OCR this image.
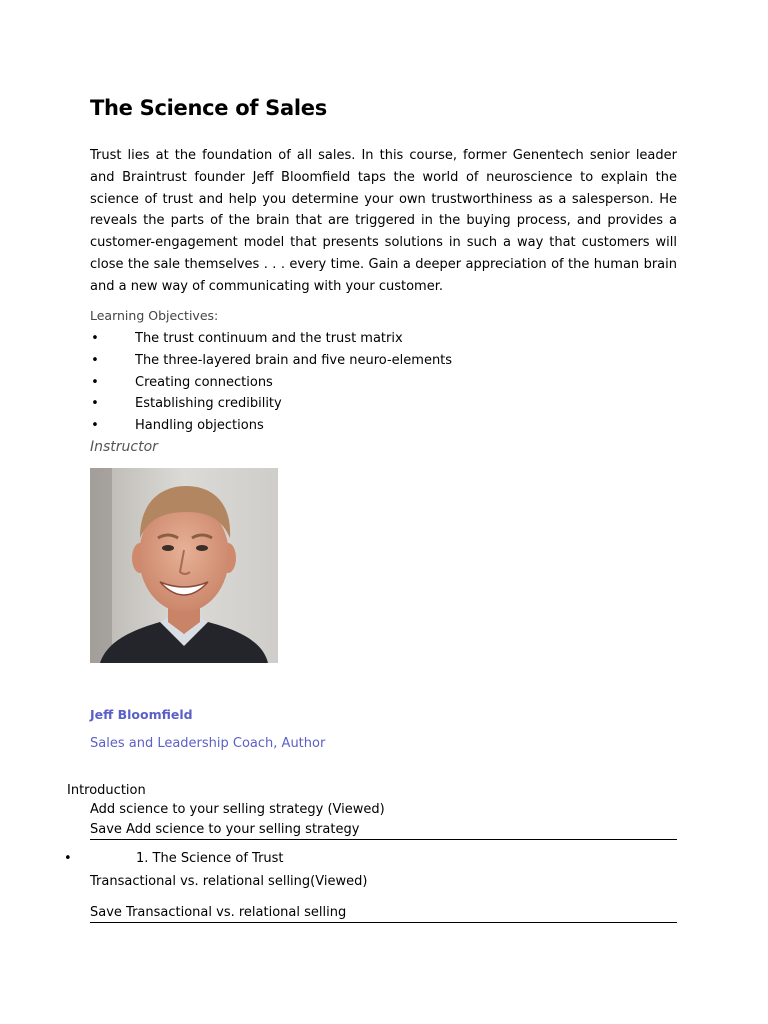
The Science of Sales

Trust lies at the foundation of all sales. In this course, former Genentech senior leader and Braintrust founder Jeff Bloomfield taps the world of neuroscience to explain the science of trust and help you determine your own trustworthiness as a salesperson. He reveals the parts of the brain that are triggered in the buying process, and provides a customer-engagement model that presents solutions in such a way that customers will close the sale themselves . . . every time. Gain a deeper appreciation of the human brain and a new way of communicating with your customer.

Learning Objectives:
•	The trust continuum and the trust matrix
•	The three-layered brain and five neuro-elements
•	Creating connections
•	Establishing credibility
•	Handling objections
Instructor
Jeff Bloomfield
Sales and Leadership Coach, Author
Introduction
Add science to your selling strategy (Viewed)
Save Add science to your selling strategy
•	1. The Science of Trust
Transactional vs. relational selling(Viewed)
Save Transactional vs. relational selling
